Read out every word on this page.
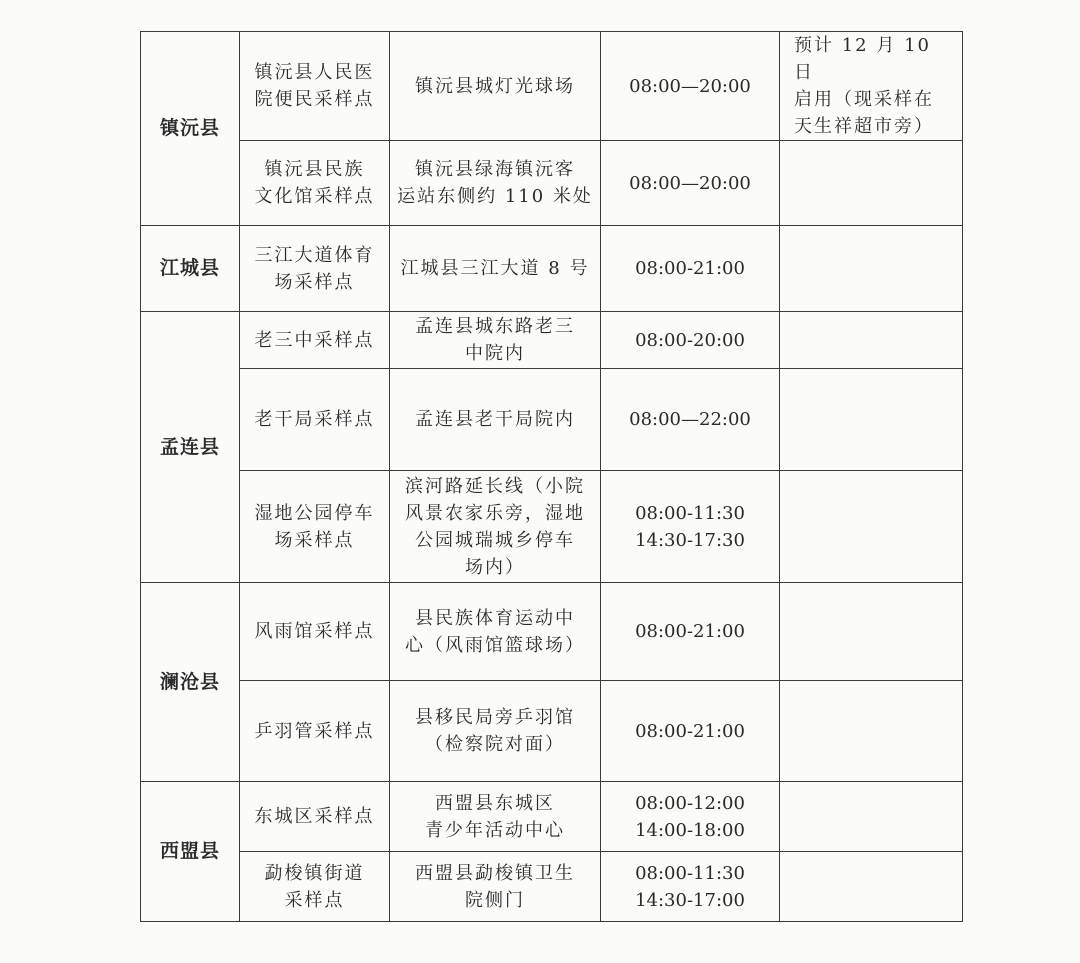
镇沅县	镇沅县人民医
院便民采样点	镇沅县城灯光球场	08:00—20:00	预计 12 月 10 日
启用（现采样在
天生祥超市旁）

	镇沅县民族
文化馆采样点	镇沅县绿海镇沅客
运站东侧约 110 米处	08:00—20:00	

江城县	三江大道体育
场采样点	江城县三江大道 8 号	08:00-21:00	

孟连县	老三中采样点	孟连县城东路老三
中院内	08:00-20:00	

	老干局采样点	孟连县老干局院内	08:00—22:00	

	湿地公园停车
场采样点	滨河路延长线（小院
风景农家乐旁，湿地
公园城瑞城乡停车
场内）	08:00-11:30
14:30-17:30	

澜沧县	风雨馆采样点	县民族体育运动中
心（风雨馆篮球场）	08:00-21:00	

	乒羽管采样点	县移民局旁乒羽馆
（检察院对面）	08:00-21:00	

西盟县	东城区采样点	西盟县东城区
青少年活动中心	08:00-12:00
14:00-18:00	

	勐梭镇街道
采样点	西盟县勐梭镇卫生
院侧门	08:00-11:30
14:30-17:00	
